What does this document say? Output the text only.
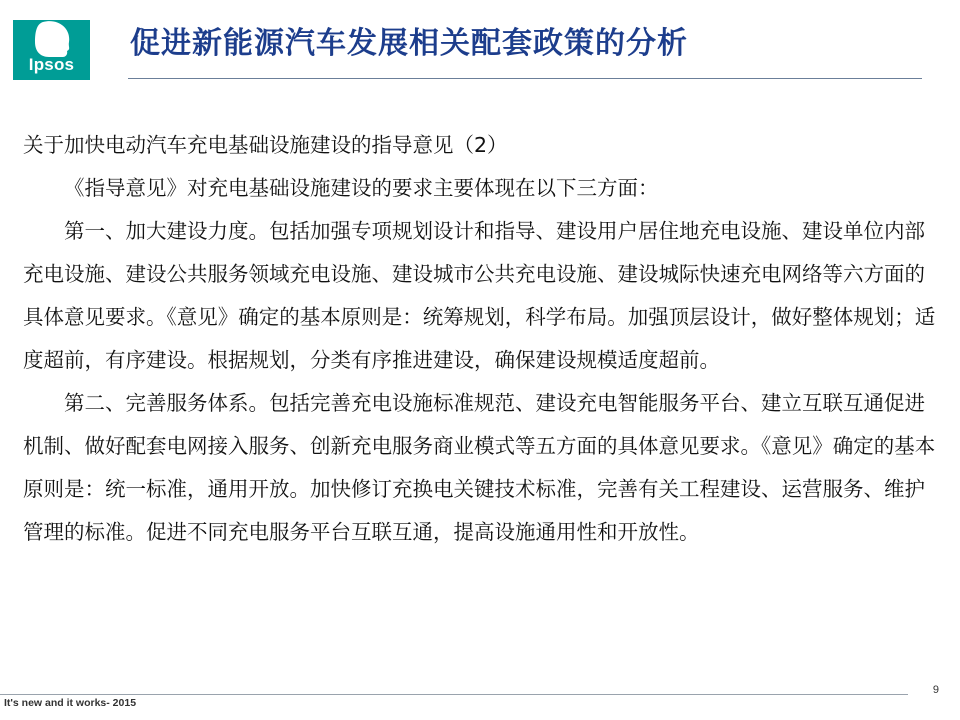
Ipsos
促进新能源汽车发展相关配套政策的分析

关于加快电动汽车充电基础设施建设的指导意见（2）

《指导意见》对充电基础设施建设的要求主要体现在以下三方面：

第一、加大建设力度。包括加强专项规划设计和指导、建设用户居住地充电设施、建设单位内部充电设施、建设公共服务领域充电设施、建设城市公共充电设施、建设城际快速充电网络等六方面的具体意见要求。《意见》确定的基本原则是：统筹规划，科学布局。加强顶层设计，做好整体规划；适度超前，有序建设。根据规划，分类有序推进建设，确保建设规模适度超前。

第二、完善服务体系。包括完善充电设施标准规范、建设充电智能服务平台、建立互联互通促进机制、做好配套电网接入服务、创新充电服务商业模式等五方面的具体意见要求。《意见》确定的基本原则是：统一标准，通用开放。加快修订充换电关键技术标准，完善有关工程建设、运营服务、维护管理的标准。促进不同充电服务平台互联互通，提高设施通用性和开放性。

9
It's new and it works- 2015
